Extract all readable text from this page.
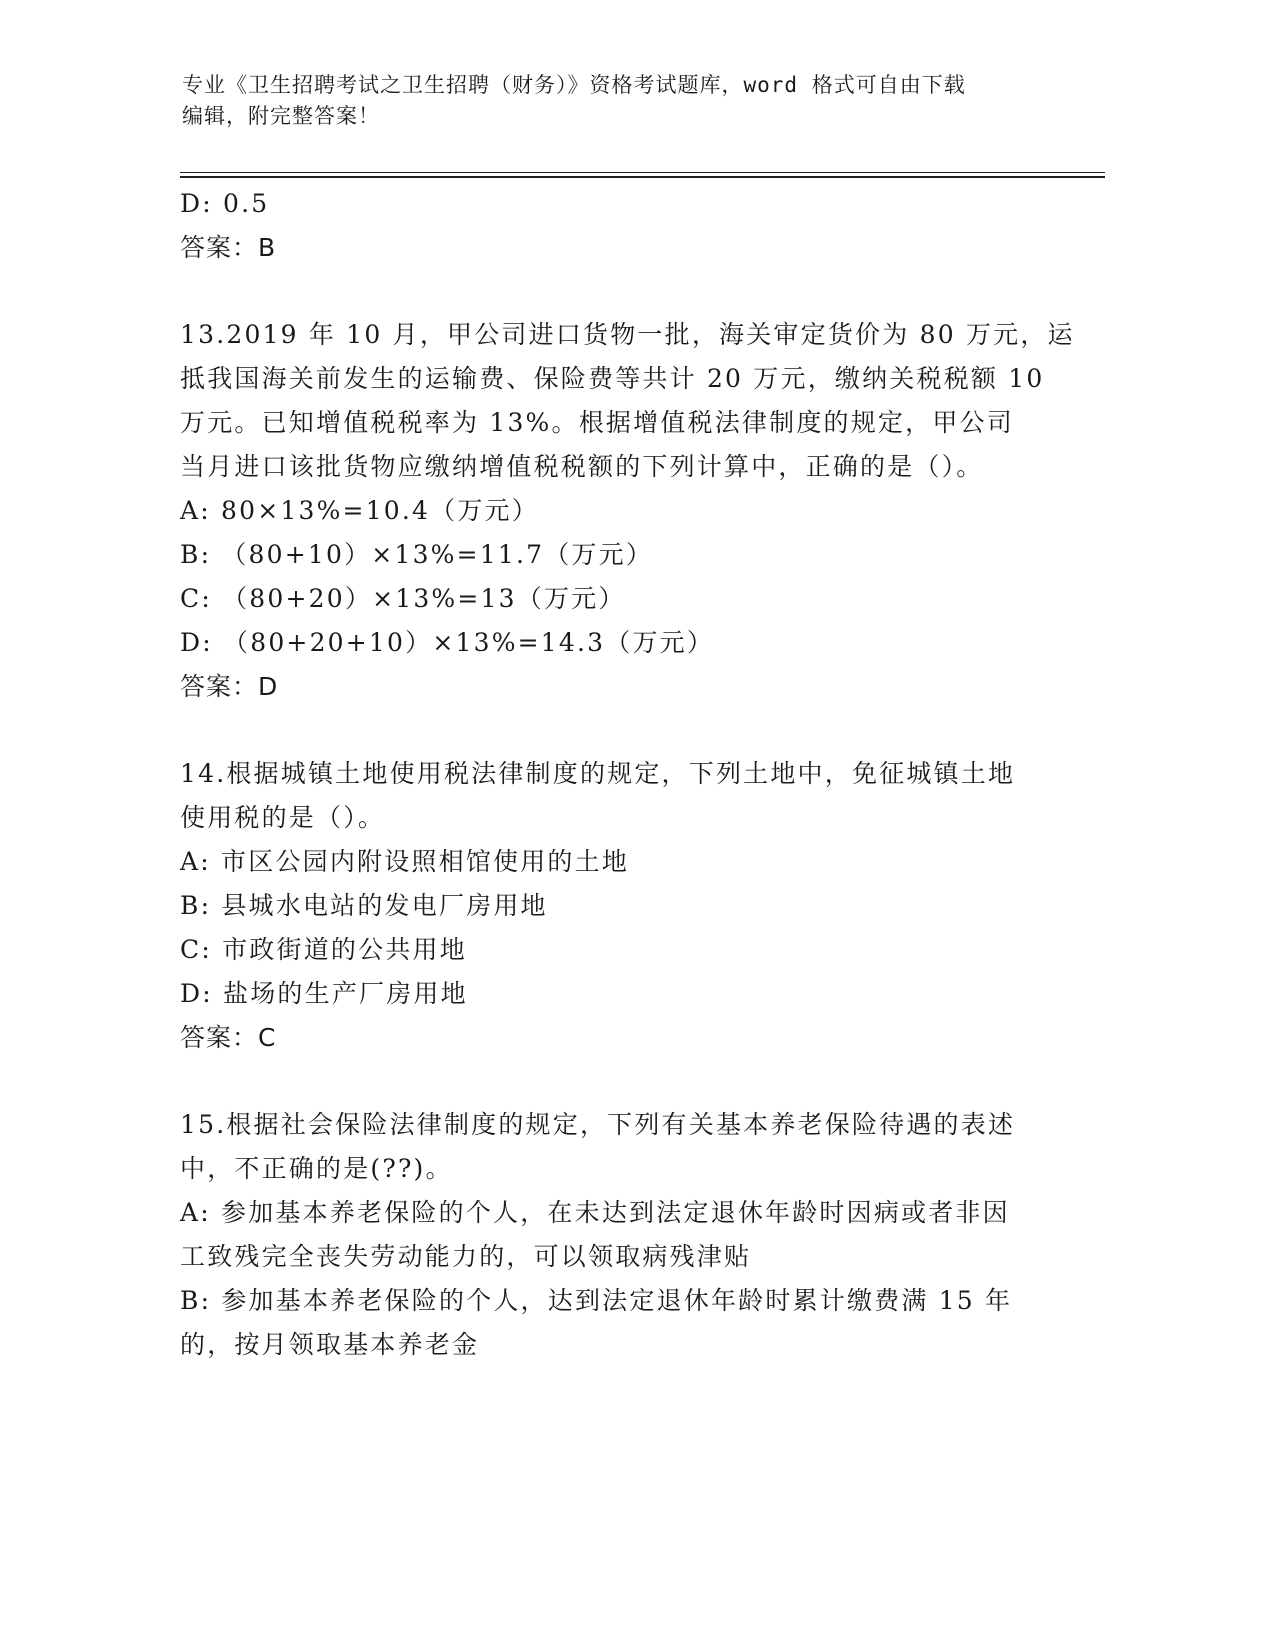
专业《卫生招聘考试之卫生招聘（财务）》资格考试题库，word 格式可自由下载
编辑，附完整答案！
D: 0.5
答案：B
13.2019 年 10 月，甲公司进口货物一批，海关审定货价为 80 万元，运
抵我国海关前发生的运输费、保险费等共计 20 万元，缴纳关税税额 10
万元。已知增值税税率为 13%。根据增值税法律制度的规定，甲公司
当月进口该批货物应缴纳增值税税额的下列计算中，正确的是（）。
A: 80×13%=10.4（万元）
B: （80+10）×13%=11.7（万元）
C: （80+20）×13%=13（万元）
D: （80+20+10）×13%=14.3（万元）
答案：D
14.根据城镇土地使用税法律制度的规定，下列土地中，免征城镇土地
使用税的是（）。
A: 市区公园内附设照相馆使用的土地
B: 县城水电站的发电厂房用地
C: 市政街道的公共用地
D: 盐场的生产厂房用地
答案：C
15.根据社会保险法律制度的规定，下列有关基本养老保险待遇的表述
中，不正确的是(??)。
A: 参加基本养老保险的个人，在未达到法定退休年龄时因病或者非因
工致残完全丧失劳动能力的，可以领取病残津贴
B: 参加基本养老保险的个人，达到法定退休年龄时累计缴费满 15 年
的，按月领取基本养老金
